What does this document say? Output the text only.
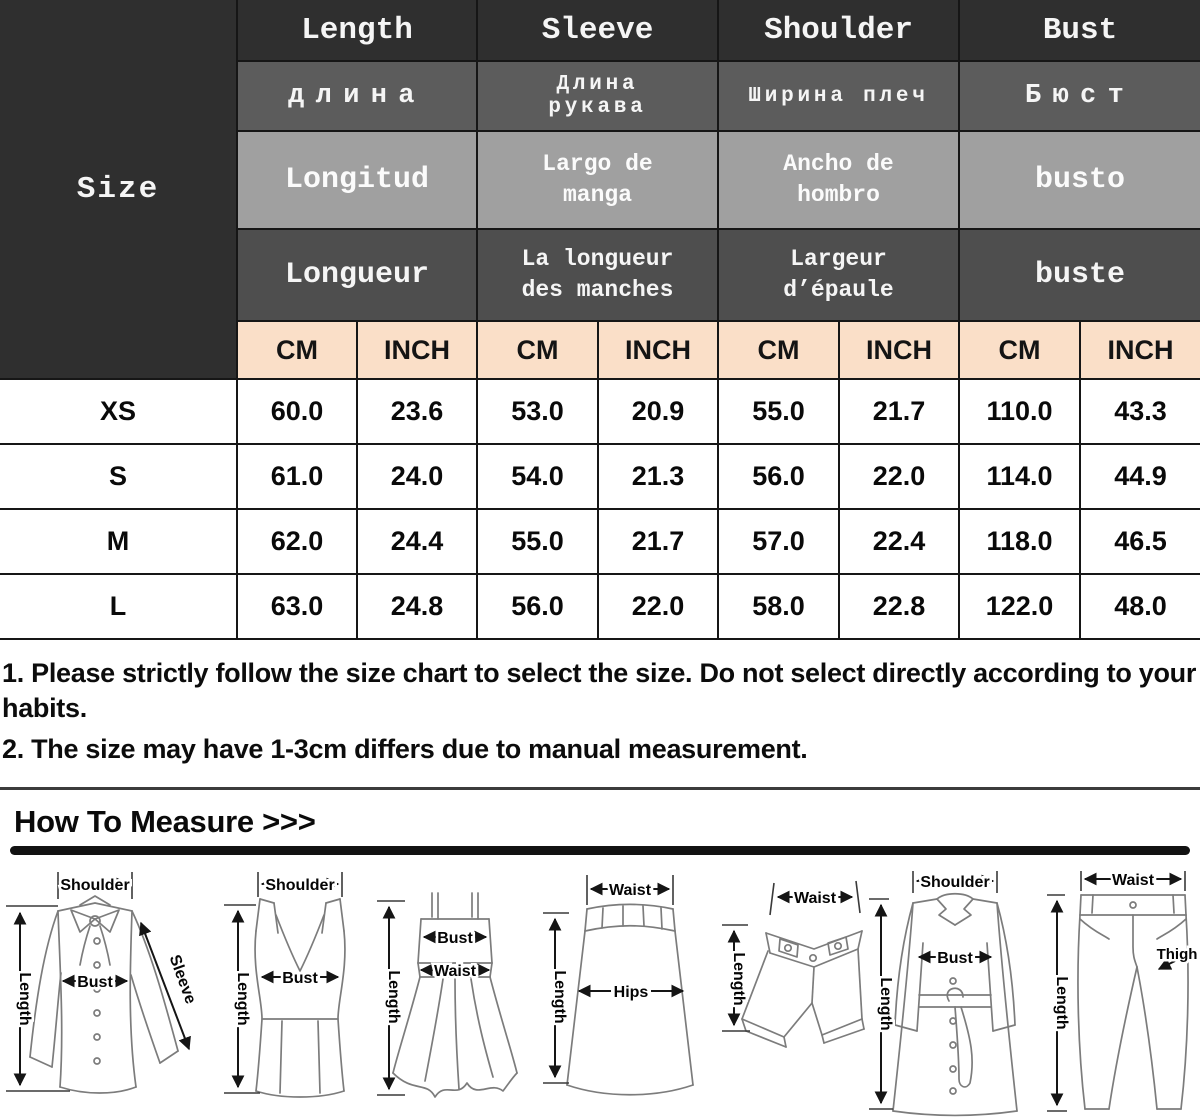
Size	Length		Sleeve		Shoulder		Bust	
	длина		Длина рукава		Ширина плеч		Бюст	
	Longitud		Largo de manga		Ancho de hombro		busto	
	Longueur		La longueur des manches		Largeur d’épaule		buste	
	CM	INCH	CM	INCH	CM	INCH	CM	INCH
XS	60.0	23.6	53.0	20.9	55.0	21.7	110.0	43.3
S	61.0	24.0	54.0	21.3	56.0	22.0	114.0	44.9
M	62.0	24.4	55.0	21.7	57.0	22.4	118.0	46.5
L	63.0	24.8	56.0	22.0	58.0	22.8	122.0	48.0

1. Please strictly follow the size chart to select the size. Do not select directly according to your habits.

2. The size may have 1-3cm differs due to manual measurement.

How To Measure >>>
Shoulder
Length	Bust	Sleeve
Shoulder
Length Bust	Length
Bust
Waist
Waist
Length	Hips
Waist
Length
Shoulder
Length
Bust
Waist
Length
Thigh
